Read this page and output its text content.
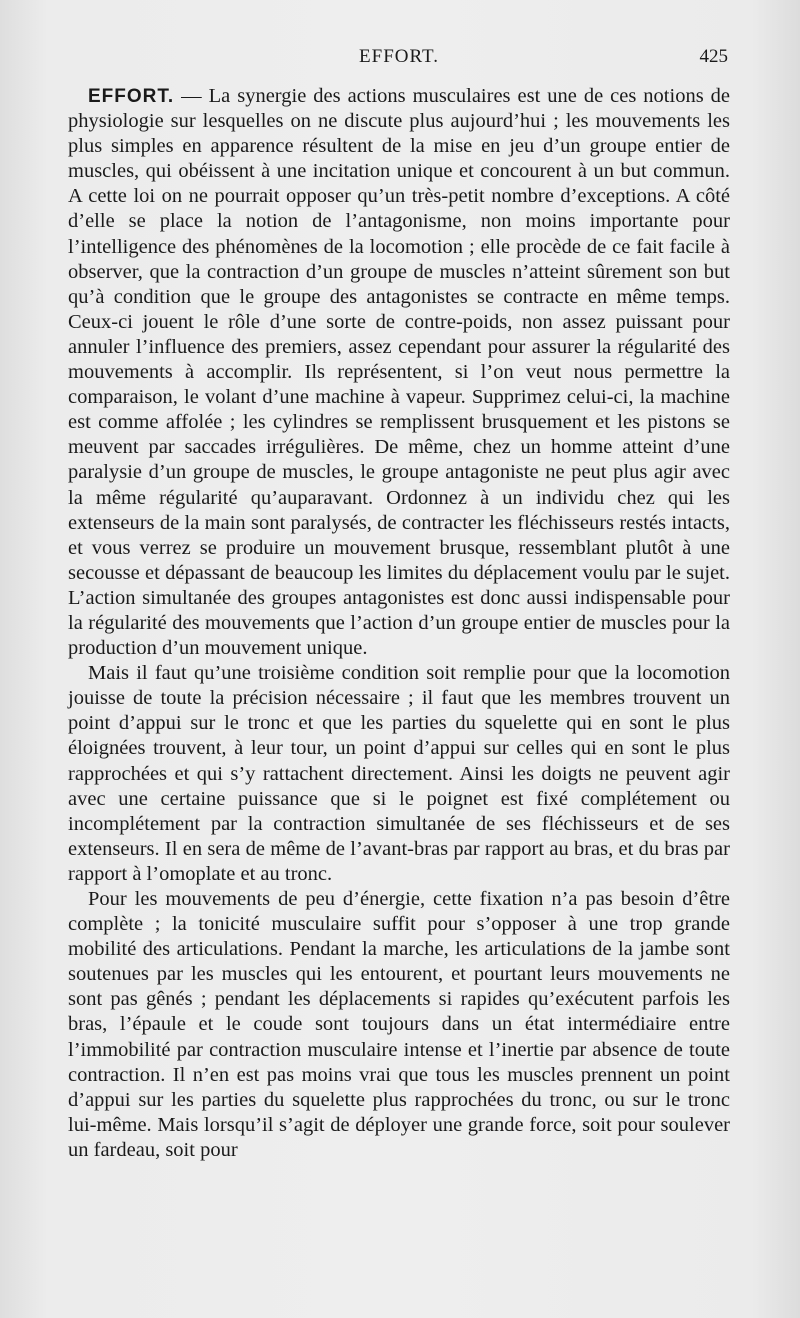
EFFORT.	425

EFFORT. — La synergie des actions musculaires est une de ces notions de physiologie sur lesquelles on ne discute plus aujourd’hui ; les mouvements les plus simples en apparence résultent de la mise en jeu d’un groupe entier de muscles, qui obéissent à une incitation unique et concourent à un but commun. A cette loi on ne pourrait opposer qu’un très-petit nombre d’exceptions. A côté d’elle se place la notion de l’antagonisme, non moins importante pour l’intelligence des phénomènes de la locomotion ; elle procède de ce fait facile à observer, que la contraction d’un groupe de muscles n’atteint sûrement son but qu’à condition que le groupe des antagonistes se contracte en même temps. Ceux-ci jouent le rôle d’une sorte de contre-poids, non assez puissant pour annuler l’influence des premiers, assez cependant pour assurer la régularité des mouvements à accomplir. Ils représentent, si l’on veut nous permettre la comparaison, le volant d’une machine à vapeur. Supprimez celui-ci, la machine est comme affolée ; les cylindres se remplissent brusquement et les pistons se meuvent par saccades irrégulières. De même, chez un homme atteint d’une paralysie d’un groupe de muscles, le groupe antagoniste ne peut plus agir avec la même régularité qu’auparavant. Ordonnez à un individu chez qui les extenseurs de la main sont paralysés, de contracter les fléchisseurs restés intacts, et vous verrez se produire un mouvement brusque, ressemblant plutôt à une secousse et dépassant de beaucoup les limites du déplacement voulu par le sujet. L’action simultanée des groupes antagonistes est donc aussi indispensable pour la régularité des mouvements que l’action d’un groupe entier de muscles pour la production d’un mouvement unique.

Mais il faut qu’une troisième condition soit remplie pour que la locomotion jouisse de toute la précision nécessaire ; il faut que les membres trouvent un point d’appui sur le tronc et que les parties du squelette qui en sont le plus éloignées trouvent, à leur tour, un point d’appui sur celles qui en sont le plus rapprochées et qui s’y rattachent directement. Ainsi les doigts ne peuvent agir avec une certaine puissance que si le poignet est fixé complétement ou incomplétement par la contraction simultanée de ses fléchisseurs et de ses extenseurs. Il en sera de même de l’avant-bras par rapport au bras, et du bras par rapport à l’omoplate et au tronc.

Pour les mouvements de peu d’énergie, cette fixation n’a pas besoin d’être complète ; la tonicité musculaire suffit pour s’opposer à une trop grande mobilité des articulations. Pendant la marche, les articulations de la jambe sont soutenues par les muscles qui les entourent, et pourtant leurs mouvements ne sont pas gênés ; pendant les déplacements si rapides qu’exécutent parfois les bras, l’épaule et le coude sont toujours dans un état intermédiaire entre l’immobilité par contraction musculaire intense et l’inertie par absence de toute contraction. Il n’en est pas moins vrai que tous les muscles prennent un point d’appui sur les parties du squelette plus rapprochées du tronc, ou sur le tronc lui-même. Mais lorsqu’il s’agit de déployer une grande force, soit pour soulever un fardeau, soit pour
